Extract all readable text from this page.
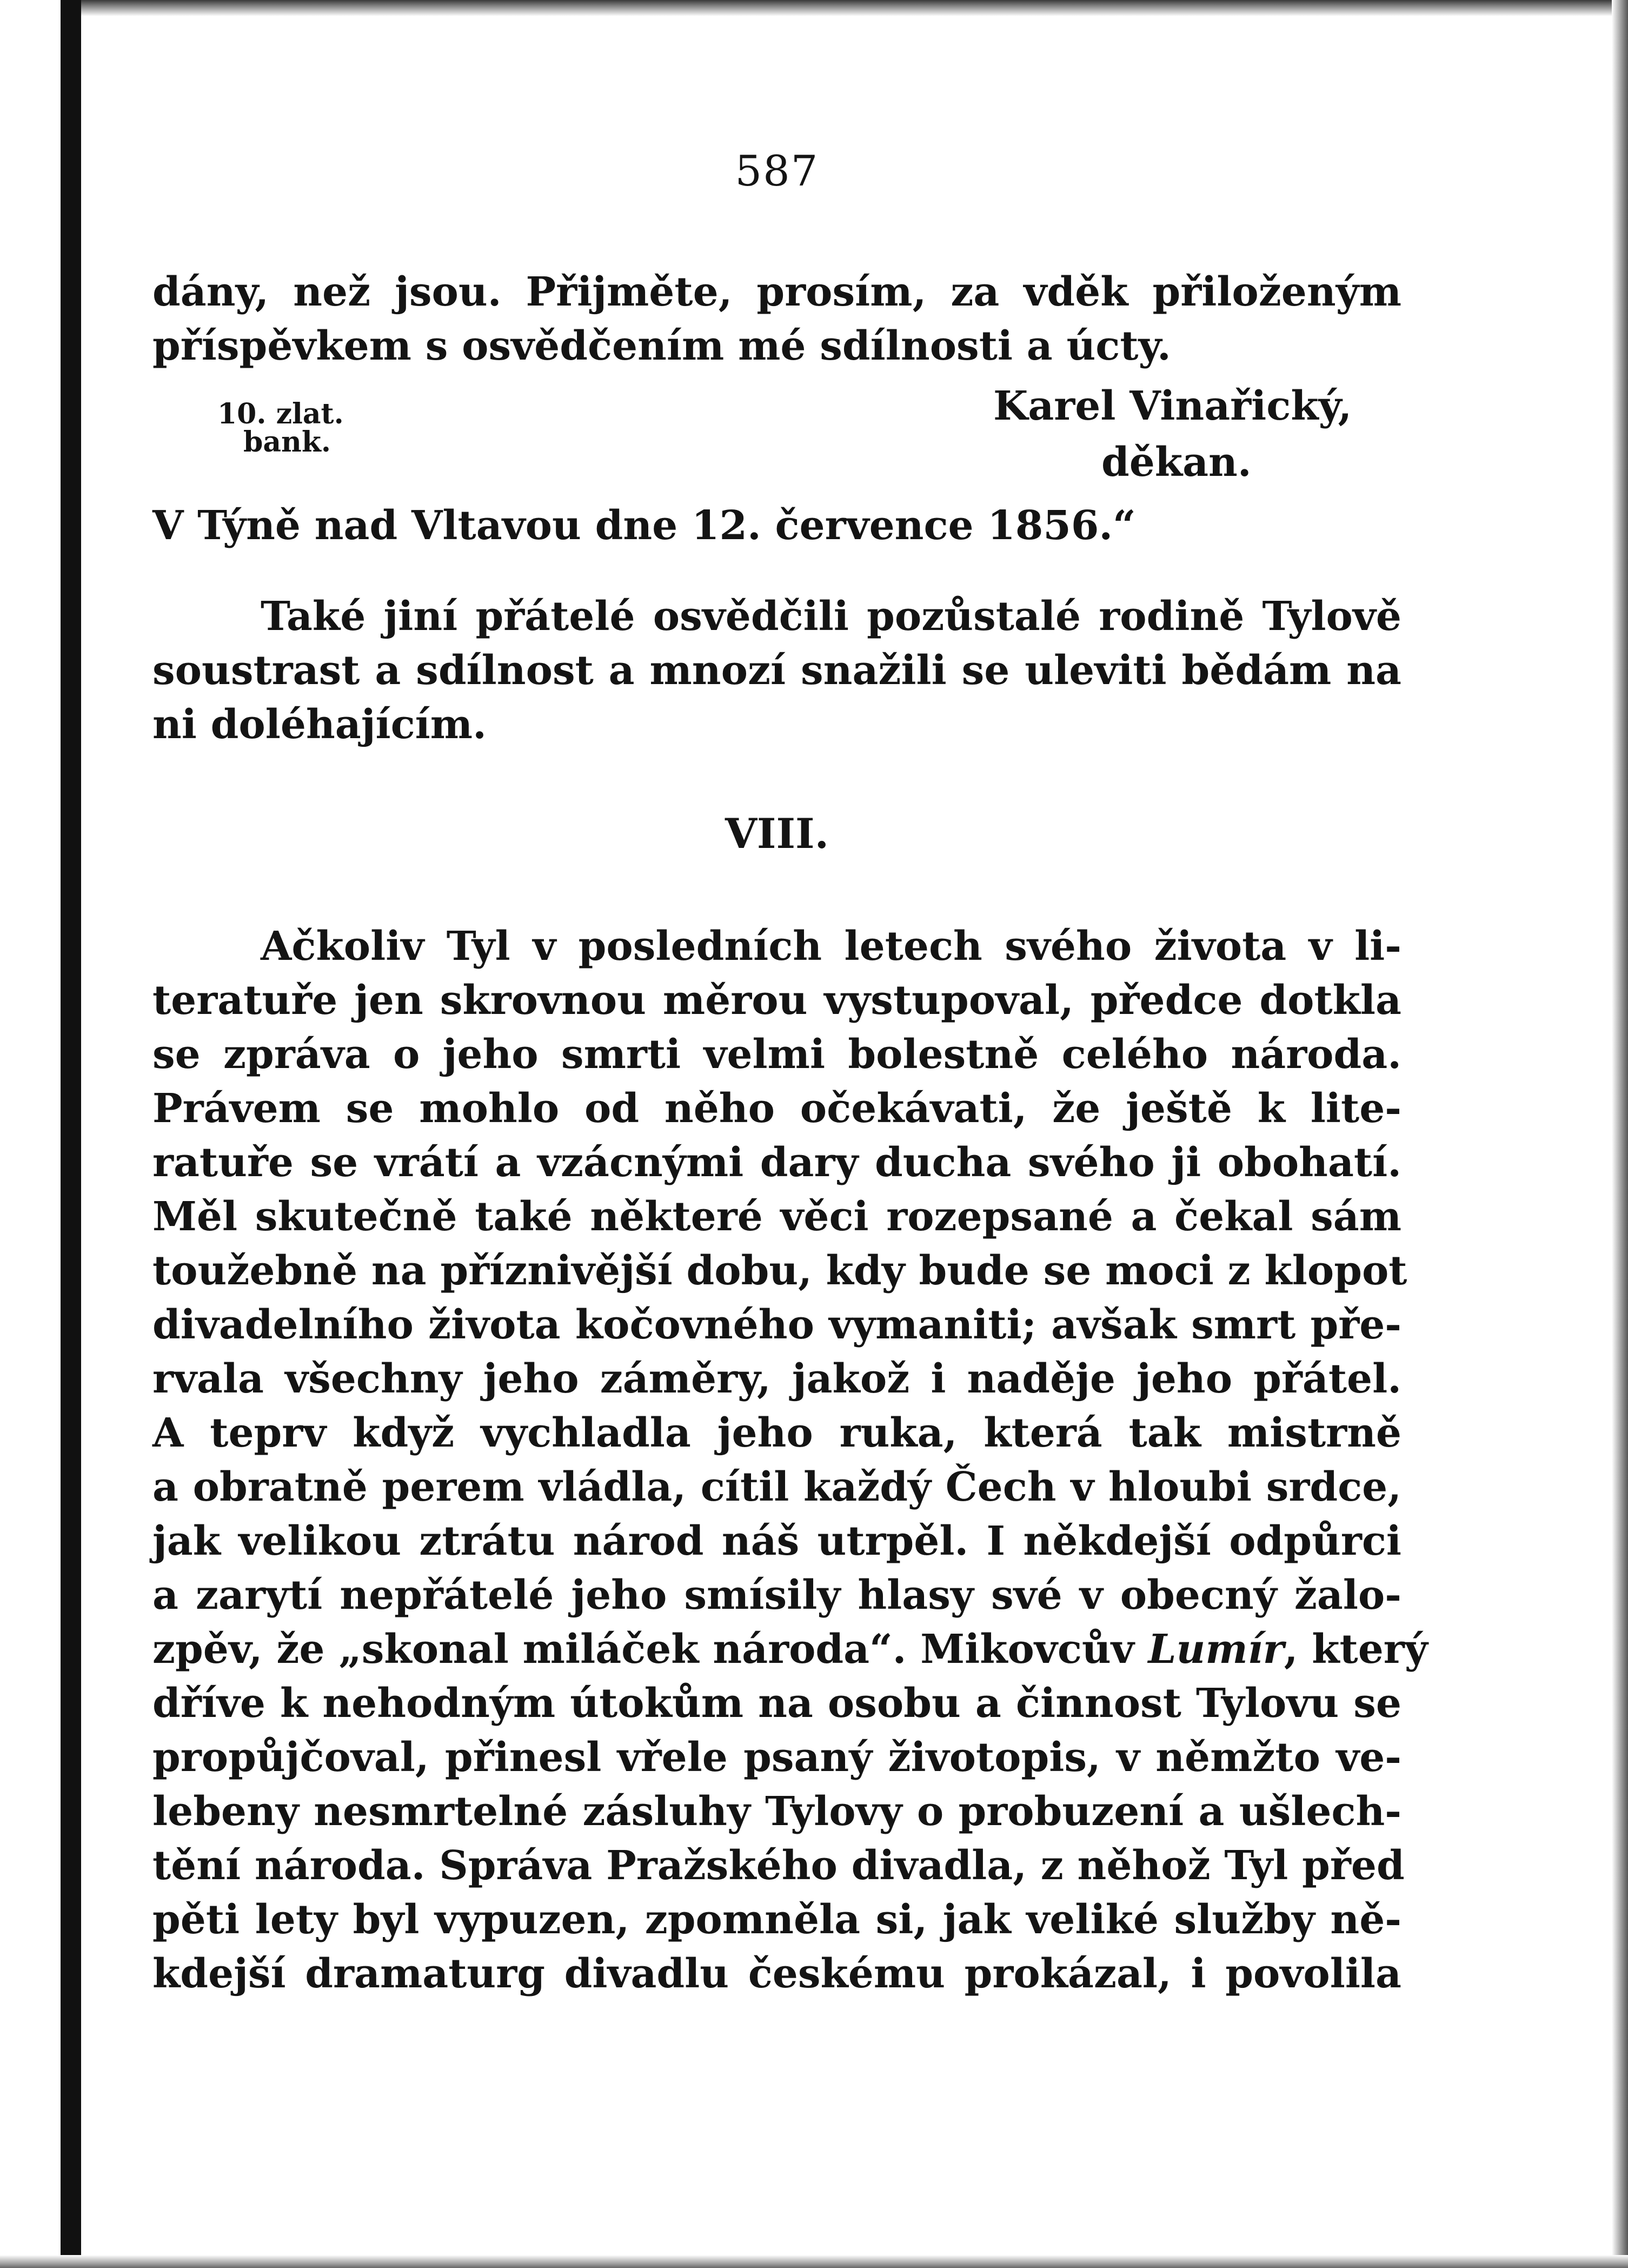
587
dány, než jsou. Přijměte, prosím, za vděk přiloženým
příspěvkem s osvědčením mé sdílnosti a úcty.
10. zlat.
bank.
Karel Vinařický,
děkan.
V Týně nad Vltavou dne 12. července 1856.“
Také jiní přátelé osvědčili pozůstalé rodině Tylově
soustrast a sdílnost a mnozí snažili se uleviti bědám na
ni doléhajícím.
VIII.
Ačkoliv Tyl v posledních letech svého života v li-
teratuře jen skrovnou měrou vystupoval, předce dotkla
se zpráva o jeho smrti velmi bolestně celého národa.
Právem se mohlo od něho očekávati, že ještě k lite-
ratuře se vrátí a vzácnými dary ducha svého ji obohatí.
Měl skutečně také některé věci rozepsané a čekal sám
toužebně na příznivější dobu, kdy bude se moci z klopot
divadelního života kočovného vymaniti; avšak smrt pře-
rvala všechny jeho záměry, jakož i naděje jeho přátel.
A teprv když vychladla jeho ruka, která tak mistrně
a obratně perem vládla, cítil každý Čech v hloubi srdce,
jak velikou ztrátu národ náš utrpěl. I někdejší odpůrci
a zarytí nepřátelé jeho smísily hlasy své v obecný žalo-
zpěv, že „skonal miláček národa“. Mikovcův Lumír, který
dříve k nehodným útokům na osobu a činnost Tylovu se
propůjčoval, přinesl vřele psaný životopis, v němžto ve-
lebeny nesmrtelné zásluhy Tylovy o probuzení a ušlech-
tění národa. Správa Pražského divadla, z něhož Tyl před
pěti lety byl vypuzen, zpomněla si, jak veliké služby ně-
kdejší dramaturg divadlu českému prokázal, i povolila
